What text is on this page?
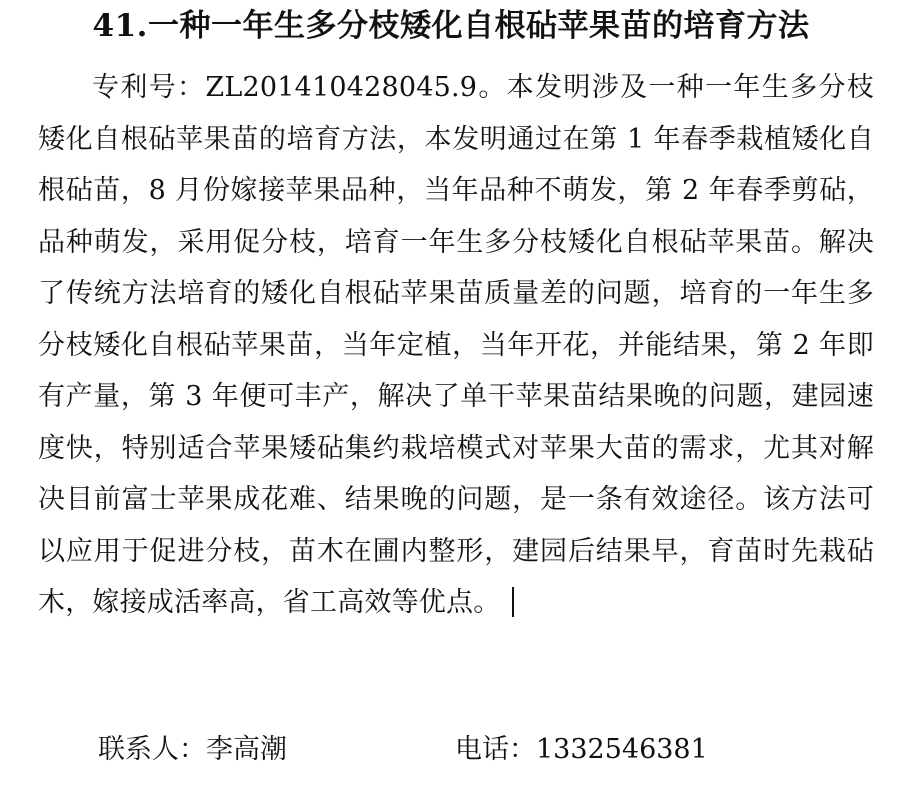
41.一种一年生多分枝矮化自根砧苹果苗的培育方法
专利号：ZL201410428045.9。本发明涉及一种一年生多分枝矮化自根砧苹果苗的培育方法，本发明通过在第 1 年春季栽植矮化自根砧苗，8 月份嫁接苹果品种，当年品种不萌发，第 2 年春季剪砧，品种萌发，采用促分枝，培育一年生多分枝矮化自根砧苹果苗。解决了传统方法培育的矮化自根砧苹果苗质量差的问题，培育的一年生多分枝矮化自根砧苹果苗，当年定植，当年开花，并能结果，第 2 年即有产量，第 3 年便可丰产，解决了单干苹果苗结果晚的问题，建园速度快，特别适合苹果矮砧集约栽培模式对苹果大苗的需求，尤其对解决目前富士苹果成花难、结果晚的问题，是一条有效途径。该方法可以应用于促进分枝，苗木在圃内整形，建园后结果早，育苗时先栽砧木，嫁接成活率高，省工高效等优点。
联系人：李高潮	电话：1332546381
